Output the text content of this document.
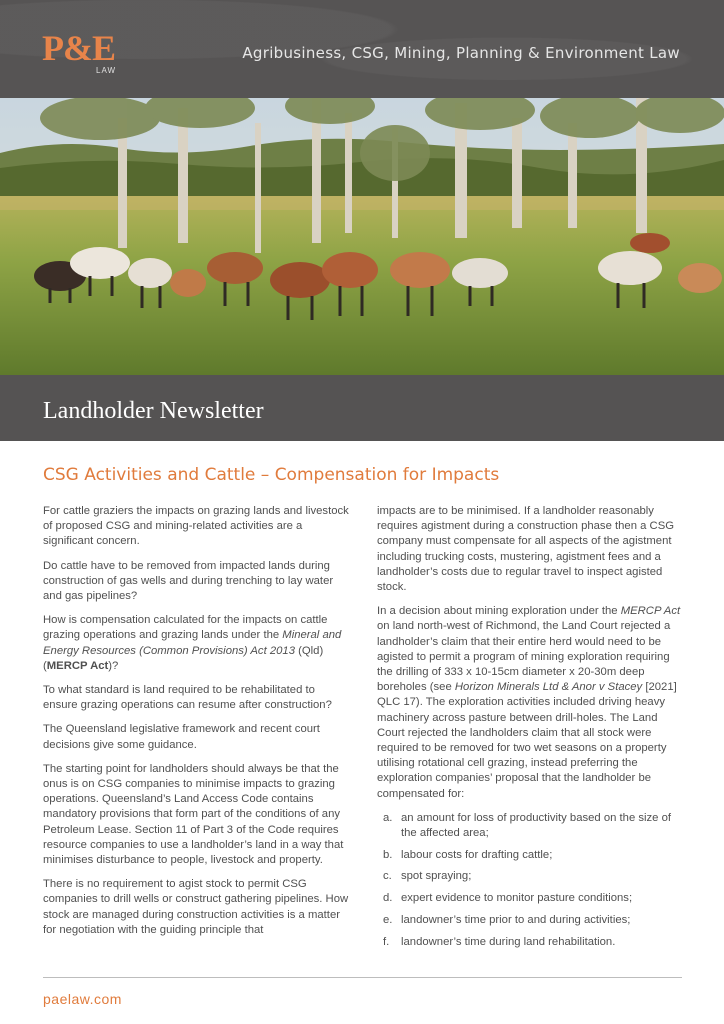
P&E
LAW
Agribusiness, CSG, Mining, Planning & Environment Law
Landholder Newsletter
CSG Activities and Cattle – Compensation for Impacts

For cattle graziers the impacts on grazing lands and livestock of proposed CSG and mining-related activities are a significant concern.

Do cattle have to be removed from impacted lands during construction of gas wells and during trenching to lay water and gas pipelines?

How is compensation calculated for the impacts on cattle grazing operations and grazing lands under the Mineral and Energy Resources (Common Provisions) Act 2013 (Qld) (MERCP Act)?

To what standard is land required to be rehabilitated to ensure grazing operations can resume after construction?

The Queensland legislative framework and recent court decisions give some guidance.

The starting point for landholders should always be that the onus is on CSG companies to minimise impacts to grazing operations. Queensland’s Land Access Code contains mandatory provisions that form part of the conditions of any Petroleum Lease. Section 11 of Part 3 of the Code requires resource companies to use a landholder’s land in a way that minimises disturbance to people, livestock and property.

There is no requirement to agist stock to permit CSG companies to drill wells or construct gathering pipelines. How stock are managed during construction activities is a matter for negotiation with the guiding principle that

impacts are to be minimised. If a landholder reasonably requires agistment during a construction phase then a CSG company must compensate for all aspects of the agistment including trucking costs, mustering, agistment fees and a landholder’s costs due to regular travel to inspect agisted stock.

In a decision about mining exploration under the MERCP Act on land north-west of Richmond, the Land Court rejected a landholder’s claim that their entire herd would need to be agisted to permit a program of mining exploration requiring the drilling of 333 x 10-15cm diameter x 20-30m deep boreholes (see Horizon Minerals Ltd & Anor v Stacey [2021] QLC 17). The exploration activities included driving heavy machinery across pasture between drill-holes. The Land Court rejected the landholders claim that all stock were required to be removed for two wet seasons on a property utilising rotational cell grazing, instead preferring the exploration companies’ proposal that the landholder be compensated for:

a. an amount for loss of productivity based on the size of the affected area;
b. labour costs for drafting cattle;
c. spot spraying;
d. expert evidence to monitor pasture conditions;
e. landowner’s time prior to and during activities;
f. landowner’s time during land rehabilitation.
paelaw.com
